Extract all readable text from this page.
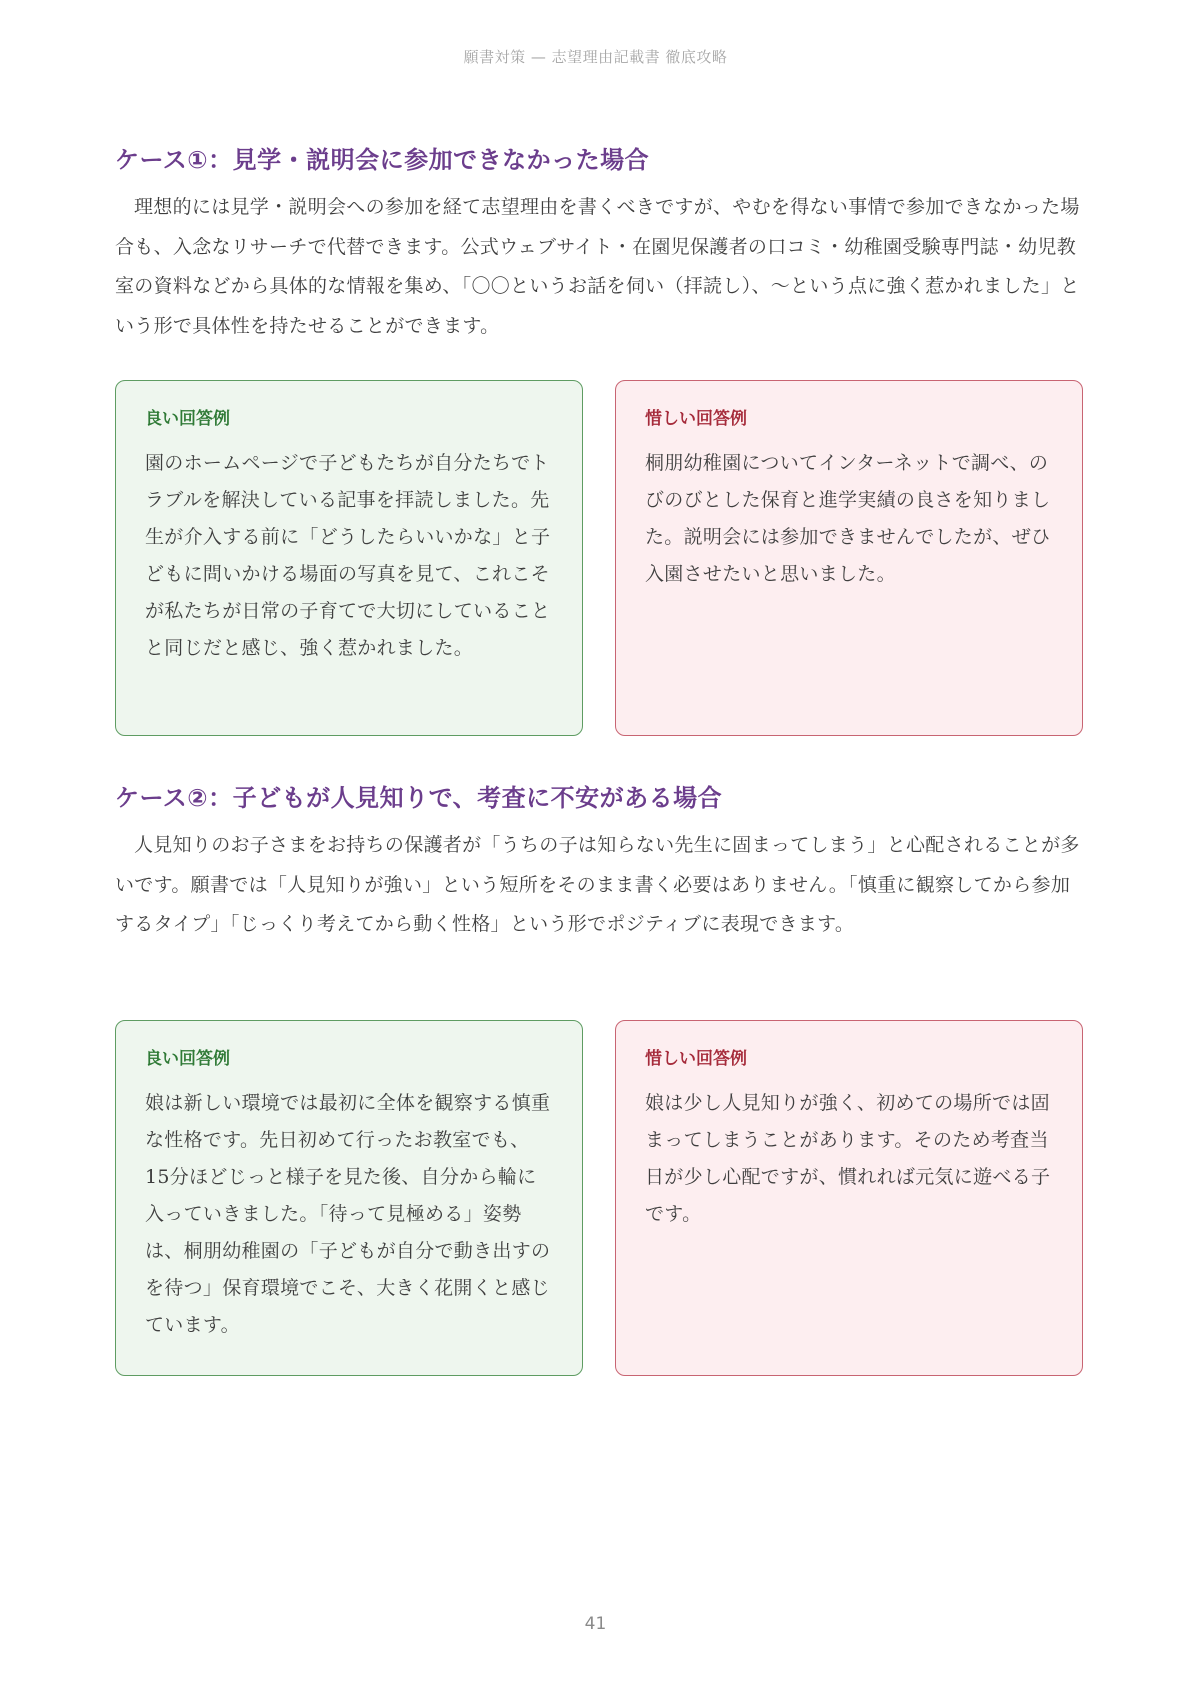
願書対策 — 志望理由記載書 徹底攻略
ケース①：見学・説明会に参加できなかった場合

理想的には見学・説明会への参加を経て志望理由を書くべきですが、やむを得ない事情で参加できなかった場合も、入念なリサーチで代替できます。公式ウェブサイト・在園児保護者の口コミ・幼稚園受験専門誌・幼児教室の資料などから具体的な情報を集め、「〇〇というお話を伺い（拝読し）、〜という点に強く惹かれました」という形で具体性を持たせることができます。

良い回答例
園のホームページで子どもたちが自分たちでトラブルを解決している記事を拝読しました。先生が介入する前に「どうしたらいいかな」と子どもに問いかける場面の写真を見て、これこそが私たちが日常の子育てで大切にしていることと同じだと感じ、強く惹かれました。
惜しい回答例
桐朋幼稚園についてインターネットで調べ、のびのびとした保育と進学実績の良さを知りました。説明会には参加できませんでしたが、ぜひ入園させたいと思いました。
ケース②：子どもが人見知りで、考査に不安がある場合

人見知りのお子さまをお持ちの保護者が「うちの子は知らない先生に固まってしまう」と心配されることが多いです。願書では「人見知りが強い」という短所をそのまま書く必要はありません。「慎重に観察してから参加するタイプ」「じっくり考えてから動く性格」という形でポジティブに表現できます。

良い回答例
娘は新しい環境では最初に全体を観察する慎重な性格です。先日初めて行ったお教室でも、15分ほどじっと様子を見た後、自分から輪に入っていきました。「待って見極める」姿勢は、桐朋幼稚園の「子どもが自分で動き出すのを待つ」保育環境でこそ、大きく花開くと感じています。
惜しい回答例
娘は少し人見知りが強く、初めての場所では固まってしまうことがあります。そのため考査当日が少し心配ですが、慣れれば元気に遊べる子です。
41
